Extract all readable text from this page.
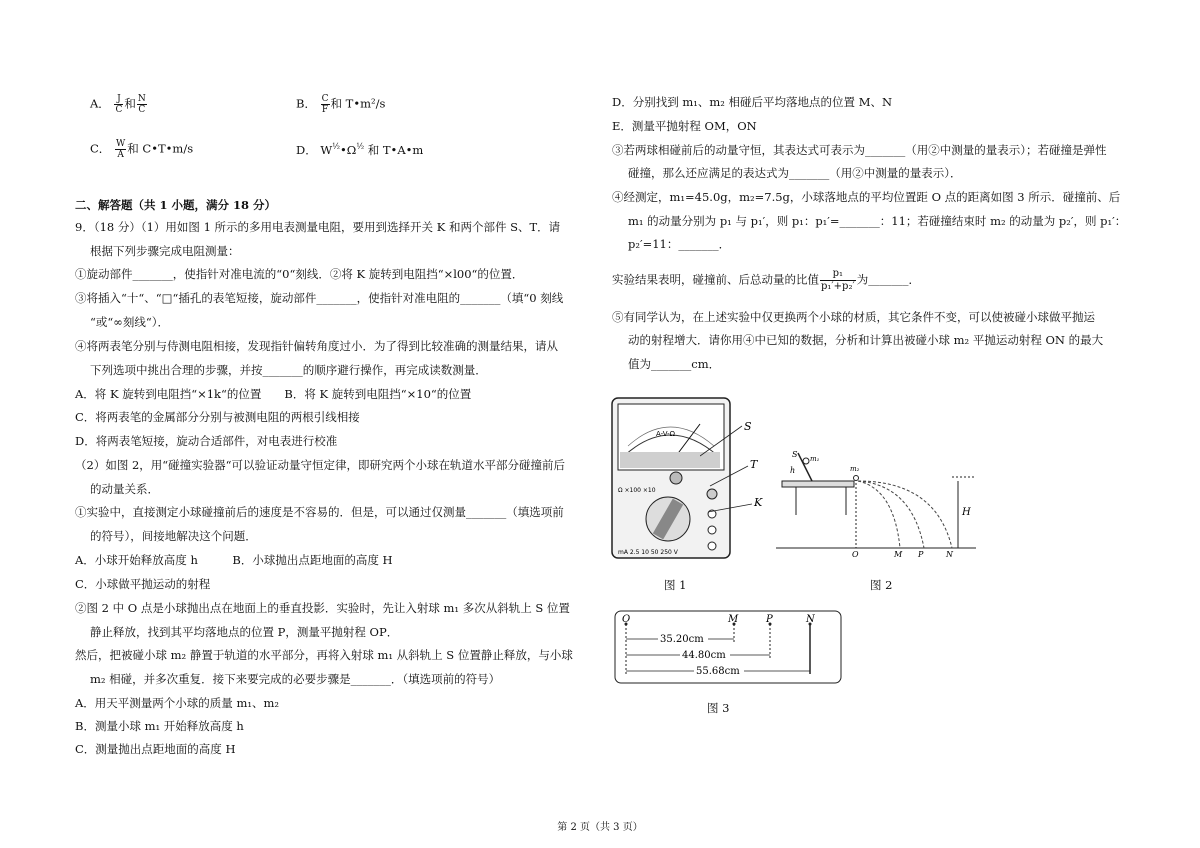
A． $\frac{J}{C}$ 和 $\frac{N}{C}$	B． $\frac{C}{F}$ 和 T•m²/s
C． $\frac{W}{A}$ 和 C•T•m/s	D． $W^{\frac{1}{2}}•\Omega^{\frac{1}{2}}$ 和 T•A•m
二、解答题（共 1 小题，满分 18 分）
9．（18 分）（1）用如图 1 所示的多用电表测量电阻，要用到选择开关 K 和两个部件 S、T．请
根据下列步骤完成电阻测量：
①旋动部件_______，使指针对准电流的“0“刻线．②将 K 旋转到电阻挡“×l00“的位置．
③将插入“十“、“□“插孔的表笔短接，旋动部件_______，使指针对准电阻的_______（填“0 刻线
“或“∞刻线“）．
④将两表笔分别与侍测电阻相接，发现指针偏转角度过小．为了得到比较准确的测量结果，请从
下列选项中挑出合理的步骤，并按_______的顺序避行操作，再完成读数测量．
A．将 K 旋转到电阻挡“×1k“的位置　　B．将 K 旋转到电阻挡“×10“的位置
C．将两表笔的金属部分分别与被测电阻的两根引线相接
D．将两表笔短接，旋动合适部件，对电表进行校准
（2）如图 2，用“碰撞实验器“可以验证动量守恒定律，即研究两个小球在轨道水平部分碰撞前后
的动量关系．
①实验中，直接测定小球碰撞前后的速度是不容易的．但是，可以通过仅测量_______（填选项前
的符号），间接地解决这个问题．
A．小球开始释放高度 h　　　B．小球抛出点距地面的高度 H
C．小球做平抛运动的射程
②图 2 中 O 点是小球抛出点在地面上的垂直投影．实验时，先让入射球 m₁ 多次从斜轨上 S 位置
静止释放，找到其平均落地点的位置 P，测量平抛射程 OP．
然后，把被碰小球 m₂ 静置于轨道的水平部分，再将入射球 m₁ 从斜轨上 S 位置静止释放，与小球
m₂ 相碰，并多次重复．接下来要完成的必要步骤是_______．（填选项前的符号）
A．用天平测量两个小球的质量 m₁、m₂
B．测量小球 m₁ 开始释放高度 h
C．测量抛出点距地面的高度 H
D．分别找到 m₁、m₂ 相碰后平均落地点的位置 M、N
E．测量平抛射程 OM，ON
③若两球相碰前后的动量守恒，其表达式可表示为_______（用②中测量的量表示）；若碰撞是弹性
碰撞，那么还应满足的表达式为_______（用②中测量的量表示）．
④经测定，m₁=45.0g，m₂=7.5g，小球落地点的平均位置距 O 点的距离如图 3 所示．碰撞前、后
m₁ 的动量分别为 p₁ 与 p₁′，则 p₁：p₁′=_______：11；若碰撞结束时 m₂ 的动量为 p₂′，则 p₁′：
p₂′=11：_______．
实验结果表明，碰撞前、后总动量的比值 $\frac{\text{p₁}}{\text{p₁′+p₂′}}$ 为_______．
⑤有同学认为，在上述实验中仅更换两个小球的材质，其它条件不变，可以使被碰小球做平抛运
动的射程增大．请你用④中已知的数据，分析和计算出被碰小球 m₂ 平抛运动射程 ON 的最大
值为_______cm．
A-V-Ω
Ω ×100 ×10
mA 2.5 10 50 250 V
S
T
K
图 1
H
S
h
m₁
m₂
O	M P	N
图 2
O	M	P	N
35.20cm
44.80cm
55.68cm
图 3
第 2 页（共 3 页）
